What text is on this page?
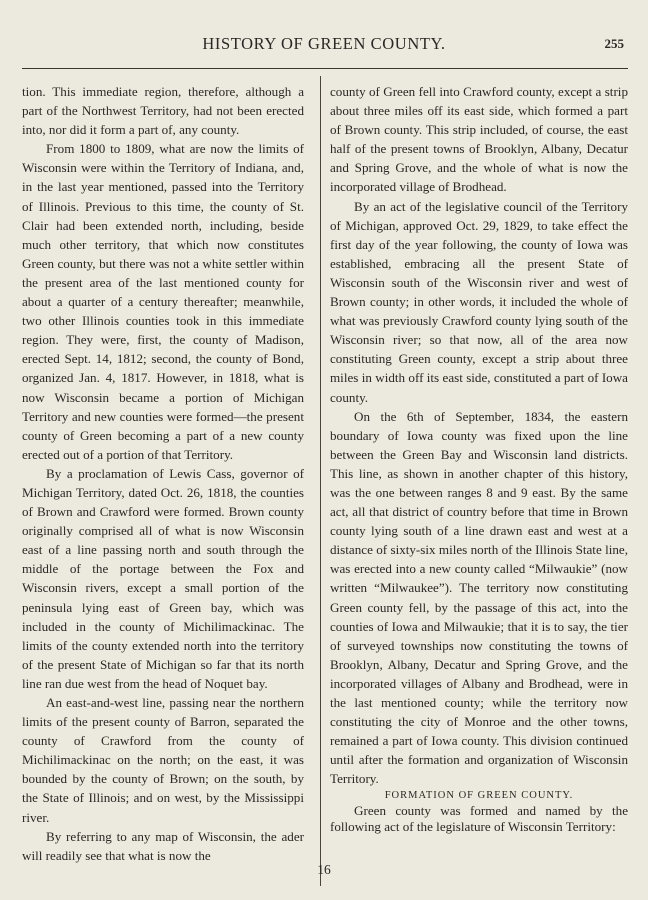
HISTORY OF GREEN COUNTY.	255

tion. This immediate region, therefore, although a part of the Northwest Territory, had not been erected into, nor did it form a part of, any county.

From 1800 to 1809, what are now the limits of Wisconsin were within the Territory of Indiana, and, in the last year mentioned, passed into the Territory of Illinois. Previous to this time, the county of St. Clair had been extended north, including, beside much other territory, that which now constitutes Green county, but there was not a white settler within the present area of the last mentioned county for about a quarter of a century thereafter; meanwhile, two other Illinois counties took in this immediate region. They were, first, the county of Madison, erected Sept. 14, 1812; second, the county of Bond, organized Jan. 4, 1817. However, in 1818, what is now Wisconsin became a portion of Michigan Territory and new counties were formed—the present county of Green becoming a part of a new county erected out of a portion of that Territory.

By a proclamation of Lewis Cass, governor of Michigan Territory, dated Oct. 26, 1818, the counties of Brown and Crawford were formed. Brown county originally comprised all of what is now Wisconsin east of a line passing north and south through the middle of the portage between the Fox and Wisconsin rivers, except a small portion of the peninsula lying east of Green bay, which was included in the county of Michilimackinac. The limits of the county extended north into the territory of the present State of Michigan so far that its north line ran due west from the head of Noquet bay.

An east-and-west line, passing near the northern limits of the present county of Barron, separated the county of Crawford from the county of Michilimackinac on the north; on the east, it was bounded by the county of Brown; on the south, by the State of Illinois; and on west, by the Mississippi river.

By referring to any map of Wisconsin, the ader will readily see that what is now the

county of Green fell into Crawford county, except a strip about three miles off its east side, which formed a part of Brown county. This strip included, of course, the east half of the present towns of Brooklyn, Albany, Decatur and Spring Grove, and the whole of what is now the incorporated village of Brodhead.

By an act of the legislative council of the Territory of Michigan, approved Oct. 29, 1829, to take effect the first day of the year following, the county of Iowa was established, embracing all the present State of Wisconsin south of the Wisconsin river and west of Brown county; in other words, it included the whole of what was previously Crawford county lying south of the Wisconsin river; so that now, all of the area now constituting Green county, except a strip about three miles in width off its east side, constituted a part of Iowa county.

On the 6th of September, 1834, the eastern boundary of Iowa county was fixed upon the line between the Green Bay and Wisconsin land districts. This line, as shown in another chapter of this history, was the one between ranges 8 and 9 east. By the same act, all that district of country before that time in Brown county lying south of a line drawn east and west at a distance of sixty-six miles north of the Illinois State line, was erected into a new county called “Milwaukie” (now written “Milwaukee”). The territory now constituting Green county fell, by the passage of this act, into the counties of Iowa and Milwaukie; that it is to say, the tier of surveyed townships now constituting the towns of Brooklyn, Albany, Decatur and Spring Grove, and the incorporated villages of Albany and Brodhead, were in the last mentioned county; while the territory now constituting the city of Monroe and the other towns, remained a part of Iowa county. This division continued until after the formation and organization of Wisconsin Territory.

FORMATION OF GREEN COUNTY.

Green county was formed and named by the following act of the legislature of Wisconsin Territory:

16
